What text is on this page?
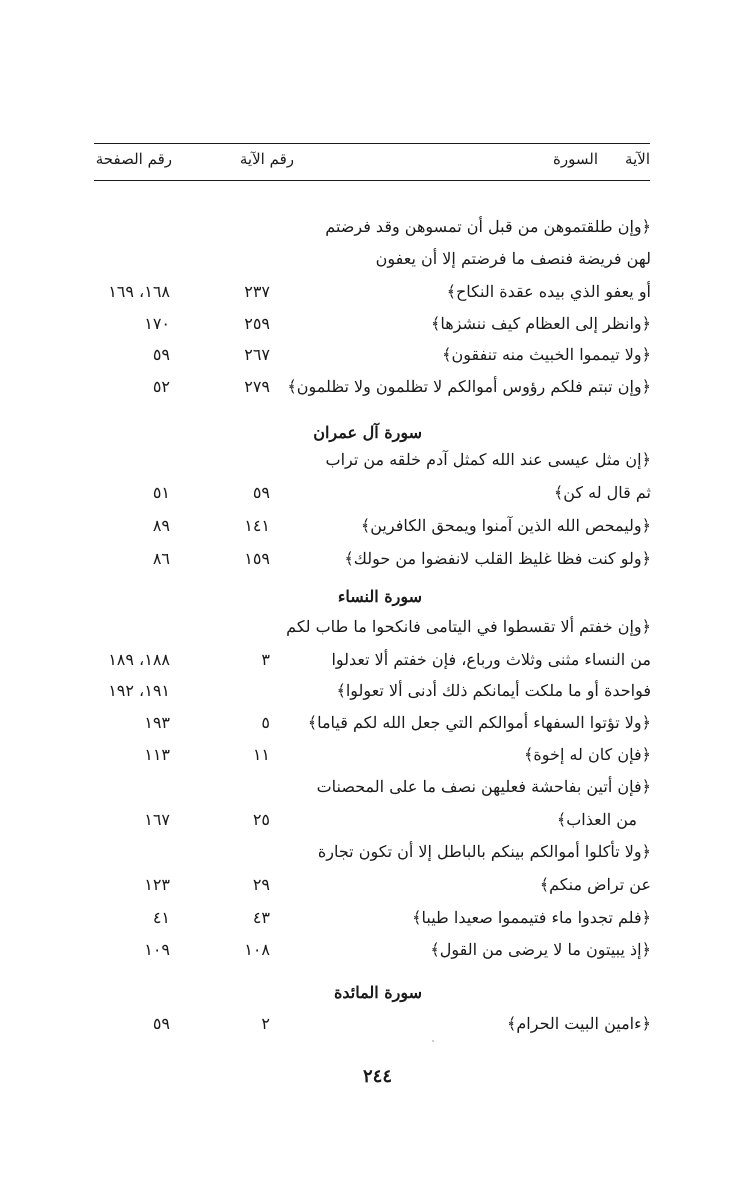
الآية
السورة
رقم الآية
رقم الصفحة
﴿وإن طلقتموهن من قبل أن تمسوهن وقد فرضتم
لهن فريضة فنصف ما فرضتم إلا أن يعفون
أو يعفو الذي بيده عقدة النكاح﴾
٢٣٧
١٦٨، ١٦٩
﴿وانظر إلى العظام كيف ننشزها﴾
٢٥٩
١٧٠
﴿ولا تيمموا الخبيث منه تنفقون﴾
٢٦٧
٥٩
﴿وإن تبتم فلكم رؤوس أموالكم لا تظلمون ولا تظلمون﴾
٢٧٩
٥٢
سورة آل عمران
﴿إن مثل عيسى عند الله كمثل آدم خلقه من تراب
ثم قال له كن﴾
٥٩
٥١
﴿وليمحص الله الذين آمنوا ويمحق الكافرين﴾
١٤١
٨٩
﴿ولو كنت فظا غليظ القلب لانفضوا من حولك﴾
١٥٩
٨٦
سورة النساء
﴿وإن خفتم ألا تقسطوا في اليتامى فانكحوا ما طاب لكم
من النساء مثنى وثلاث ورباع، فإن خفتم ألا تعدلوا
٣
١٨٨، ١٨٩
فواحدة أو ما ملكت أيمانكم ذلك أدنى ألا تعولوا﴾
١٩١، ١٩٢
﴿ولا تؤتوا السفهاء أموالكم التي جعل الله لكم قياما﴾
٥
١٩٣
﴿فإن كان له إخوة﴾
١١
١١٣
﴿فإن أتين بفاحشة فعليهن نصف ما على المحصنات
من العذاب﴾
٢٥
١٦٧
﴿ولا تأكلوا أموالكم بينكم بالباطل إلا أن تكون تجارة
عن تراض منكم﴾
٢٩
١٢٣
﴿فلم تجدوا ماء فتيمموا صعيدا طيبا﴾
٤٣
٤١
﴿إذ يبيتون ما لا يرضى من القول﴾
١٠٨
١٠٩
سورة المائدة
﴿ءامين البيت الحرام﴾
٢
٥٩
٢٤٤
